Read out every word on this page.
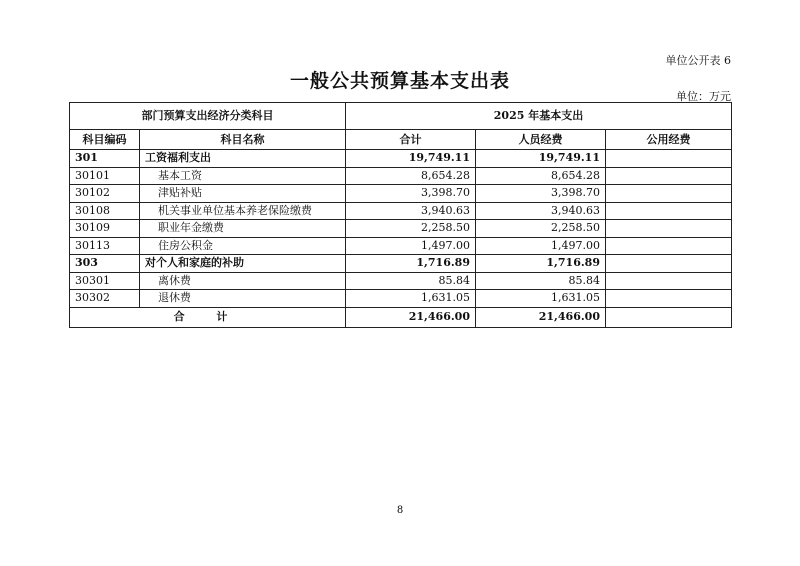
单位公开表 6
一般公共预算基本支出表
单位：万元
部门预算支出经济分类科目		2025 年基本支出		
科目编码	科目名称	合计	人员经费	公用经费
301	工资福利支出	19,749.11	19,749.11	
30101	基本工资	8,654.28	8,654.28	
30102	津贴补贴	3,398.70	3,398.70	
30108	机关事业单位基本养老保险缴费	3,940.63	3,940.63	
30109	职业年金缴费	2,258.50	2,258.50	
30113	住房公积金	1,497.00	1,497.00	
303	对个人和家庭的补助	1,716.89	1,716.89	
30301	离休费	85.84	85.84	
30302	退休费	1,631.05	1,631.05	
合 计		21,466.00	21,466.00	
8
